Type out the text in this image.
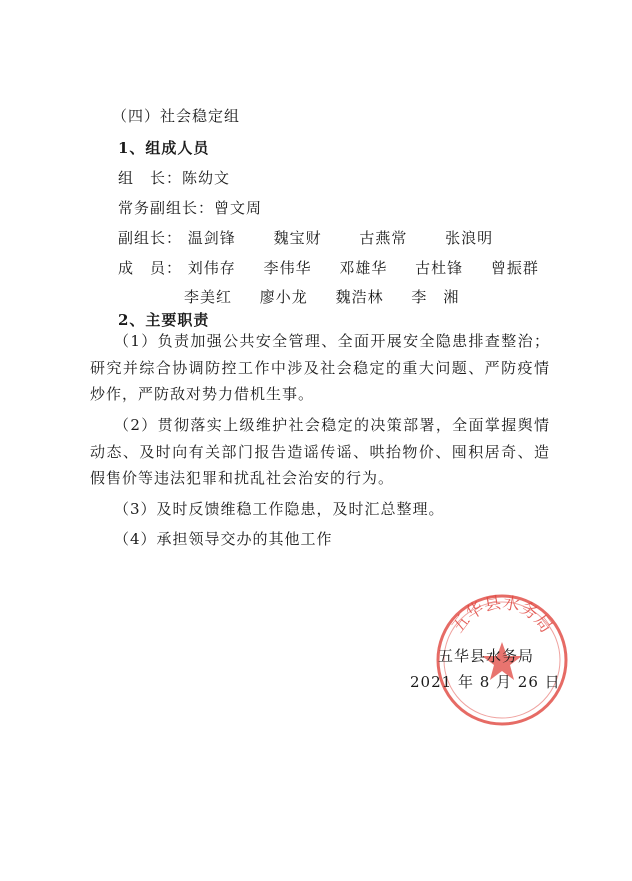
（四）社会稳定组
1、组成人员
组　长：陈幼文
常务副组长：曾文周
副组长： 温剑锋	魏宝财	古燕常	张浪明
成　员： 刘伟存 李伟华 邓雄华 古杜锋 曾振群
李美红 廖小龙 魏浩林 李　湘
2、主要职责
（1）负责加强公共安全管理、全面开展安全隐患排查整治；研究并综合协调防控工作中涉及社会稳定的重大问题、严防疫情炒作，严防敌对势力借机生事。
（2）贯彻落实上级维护社会稳定的决策部署，全面掌握舆情动态、及时向有关部门报告造谣传谣、哄抬物价、囤积居奇、造假售价等违法犯罪和扰乱社会治安的行为。
（3）及时反馈维稳工作隐患，及时汇总整理。
（4）承担领导交办的其他工作
五华县水务局
五华县水务局
2021 年 8 月 26 日
